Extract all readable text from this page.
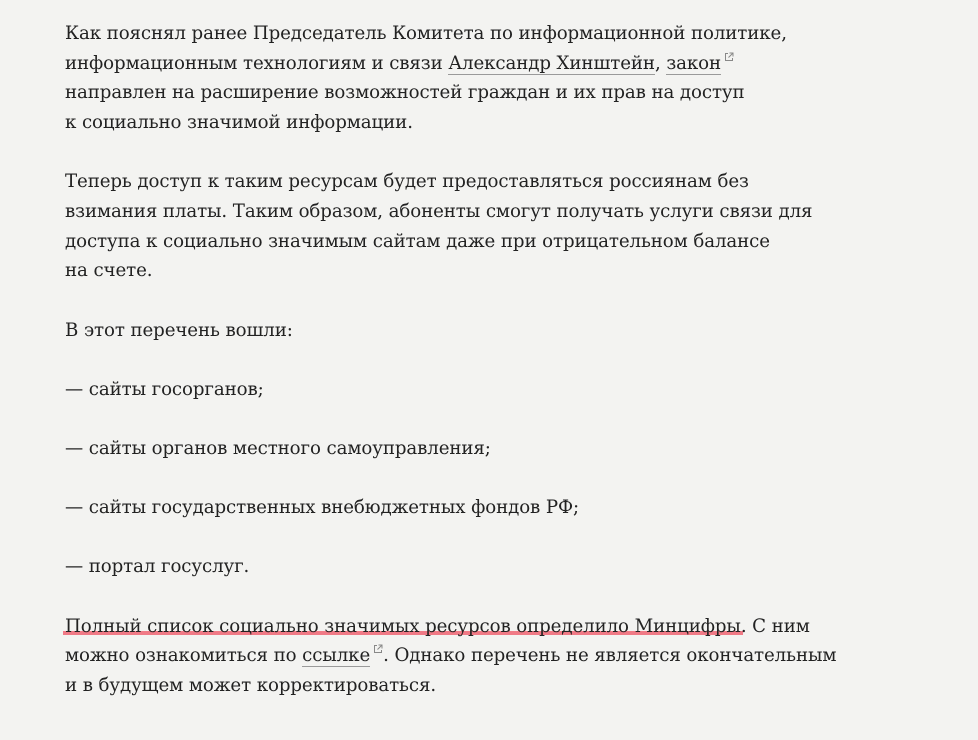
Как пояснял ранее Председатель Комитета по информационной политике,
информационным технологиям и связи Александр Хинштейн, закон

направлен на расширение возможностей граждан и их прав на доступ
к социально значимой информации.

Теперь доступ к таким ресурсам будет предоставляться россиянам без
взимания платы. Таким образом, абоненты смогут получать услуги связи для
доступа к социально значимым сайтам даже при отрицательном балансе
на счете.

В этот перечень вошли:

— сайты госорганов;

— сайты органов местного самоуправления;

— сайты государственных внебюджетных фондов РФ;

— портал госуслуг.

Полный список социально значимых ресурсов определило Минцифры. С ним
можно ознакомиться по ссылке . Однако перечень не является окончательным
и в будущем может корректироваться.
